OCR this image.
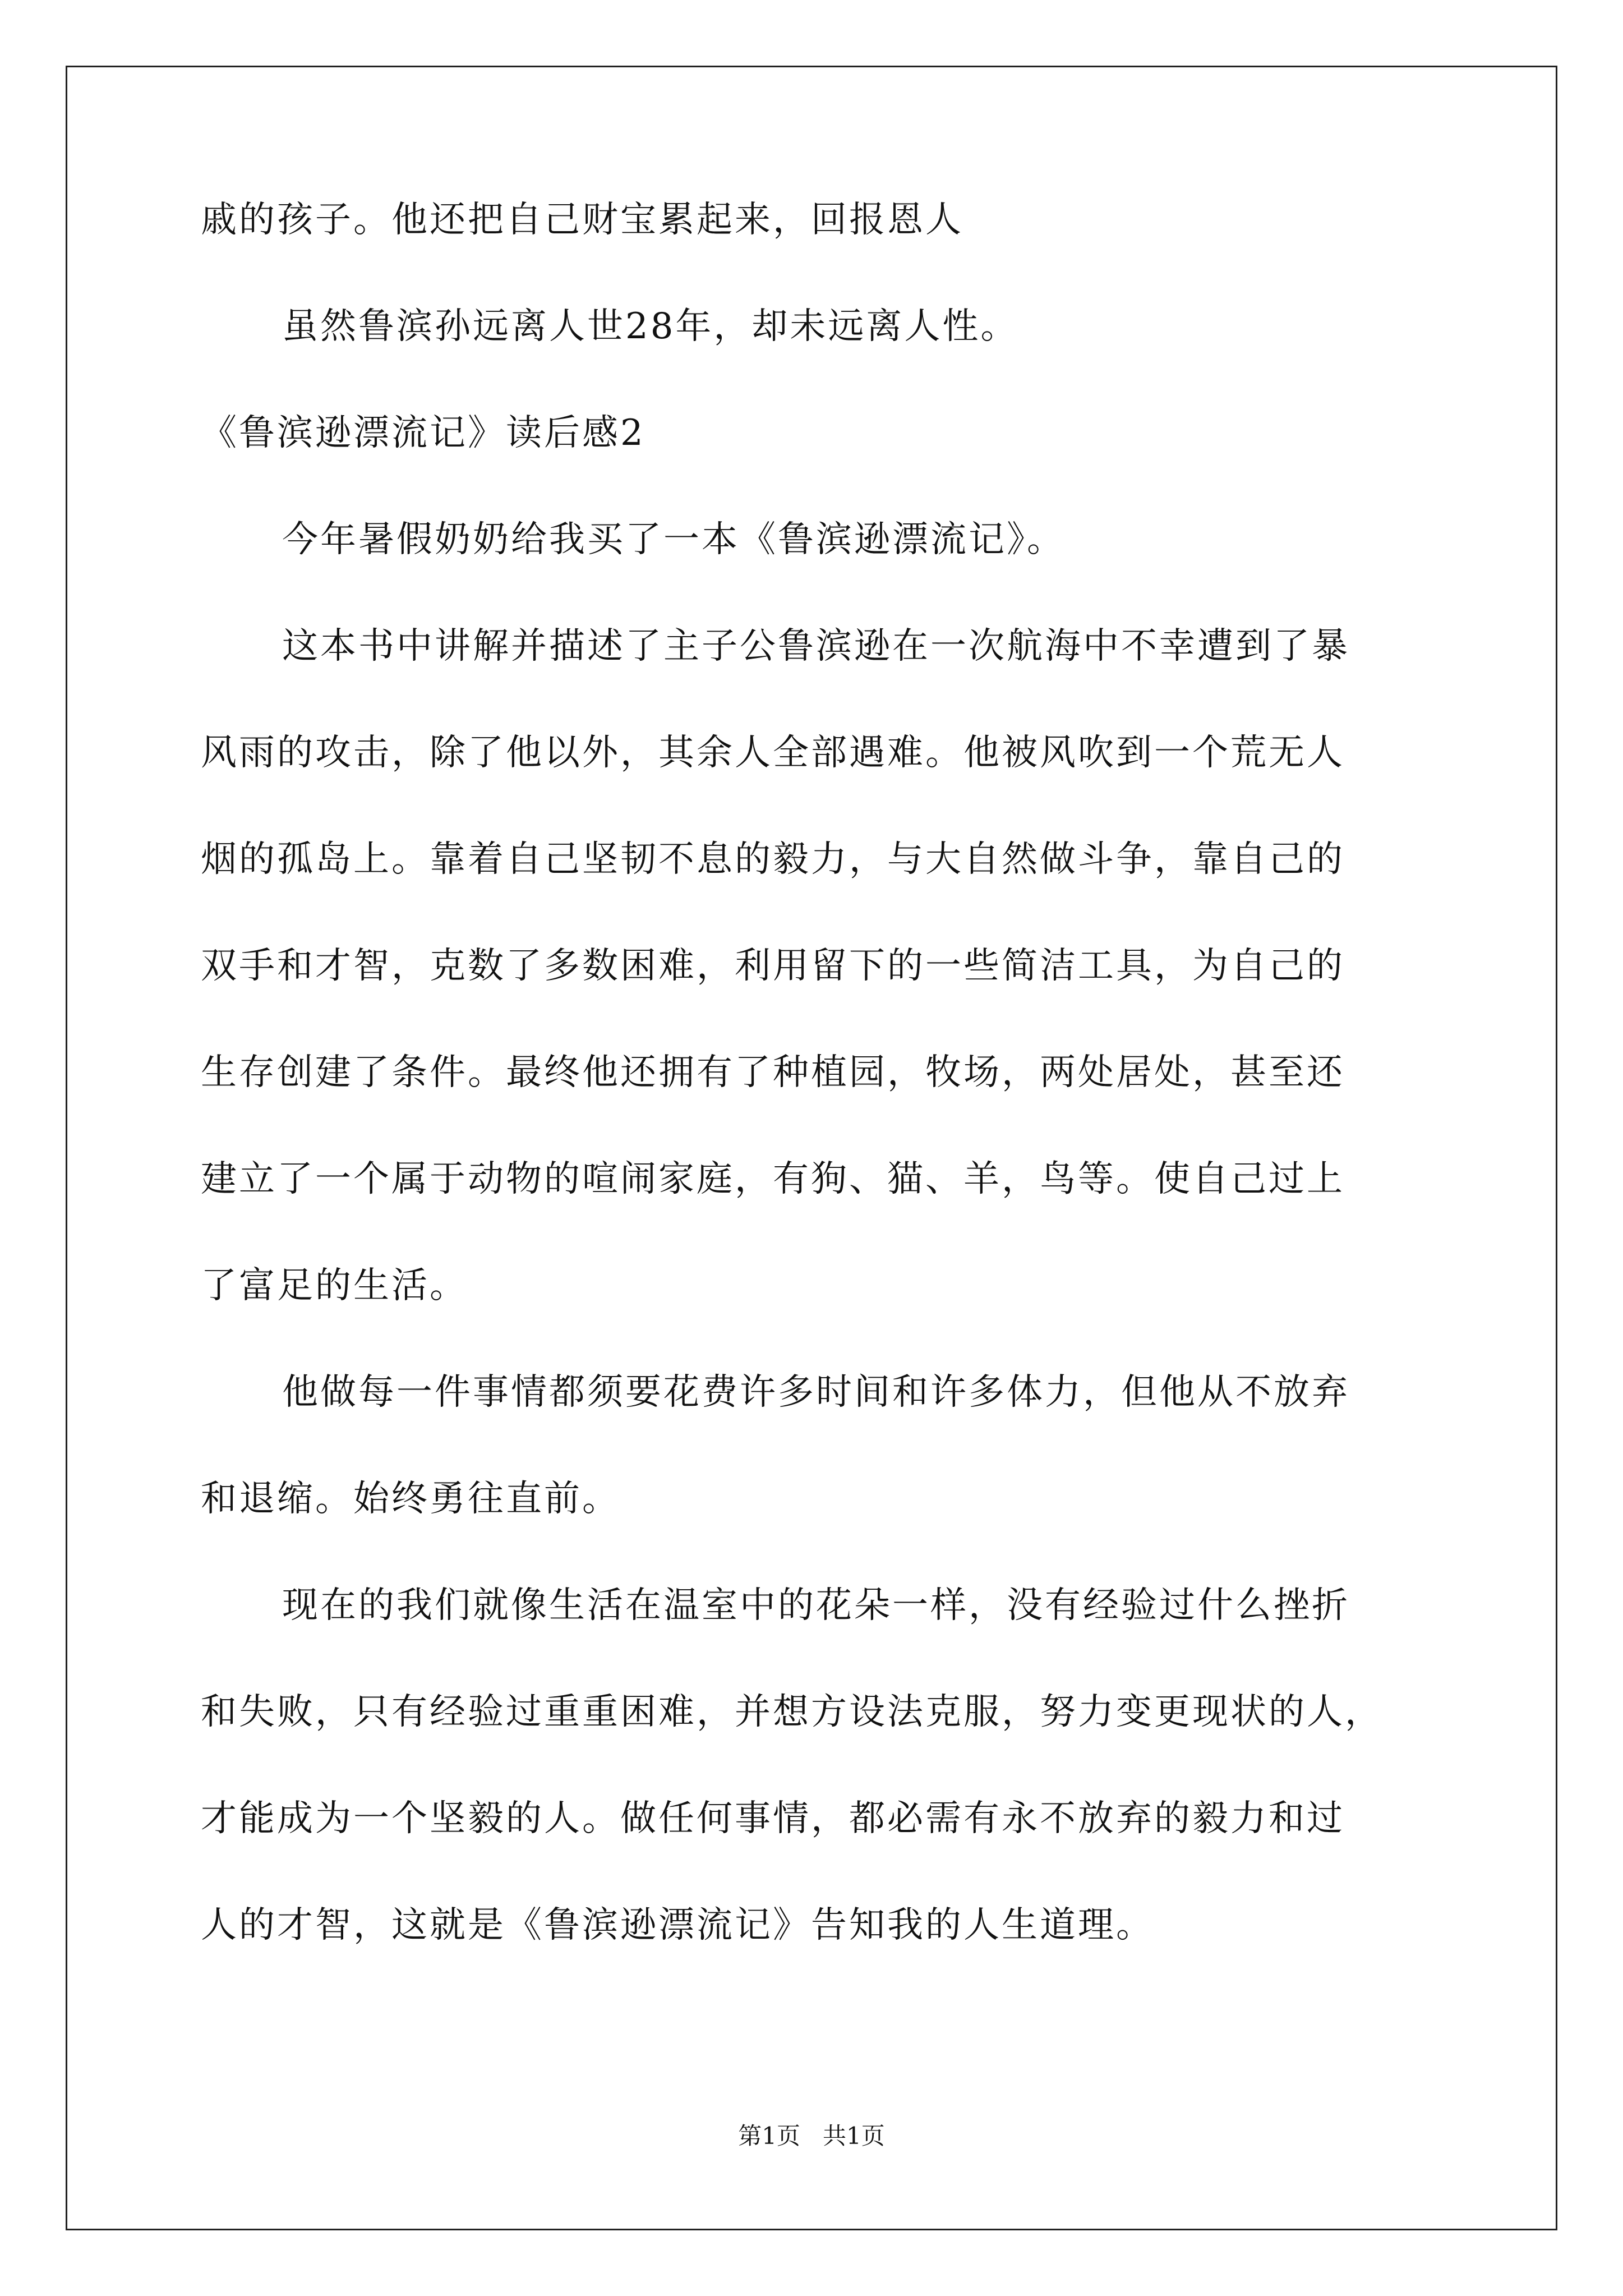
戚的孩子。他还把自己财宝累起来，回报恩人
虽然鲁滨孙远离人世28年，却未远离人性。
《鲁滨逊漂流记》读后感2
今年暑假奶奶给我买了一本《鲁滨逊漂流记》。
这本书中讲解并描述了主子公鲁滨逊在一次航海中不幸遭到了暴
风雨的攻击，除了他以外，其余人全部遇难。他被风吹到一个荒无人
烟的孤岛上。靠着自己坚韧不息的毅力，与大自然做斗争，靠自己的
双手和才智，克数了多数困难，利用留下的一些简洁工具，为自己的
生存创建了条件。最终他还拥有了种植园，牧场，两处居处，甚至还
建立了一个属于动物的喧闹家庭，有狗、猫、羊，鸟等。使自己过上
了富足的生活。
他做每一件事情都须要花费许多时间和许多体力，但他从不放弃
和退缩。始终勇往直前。
现在的我们就像生活在温室中的花朵一样，没有经验过什么挫折
和失败，只有经验过重重困难，并想方设法克服，努力变更现状的人，
才能成为一个坚毅的人。做任何事情，都必需有永不放弃的毅力和过
人的才智，这就是《鲁滨逊漂流记》告知我的人生道理。
第1页   共1页
